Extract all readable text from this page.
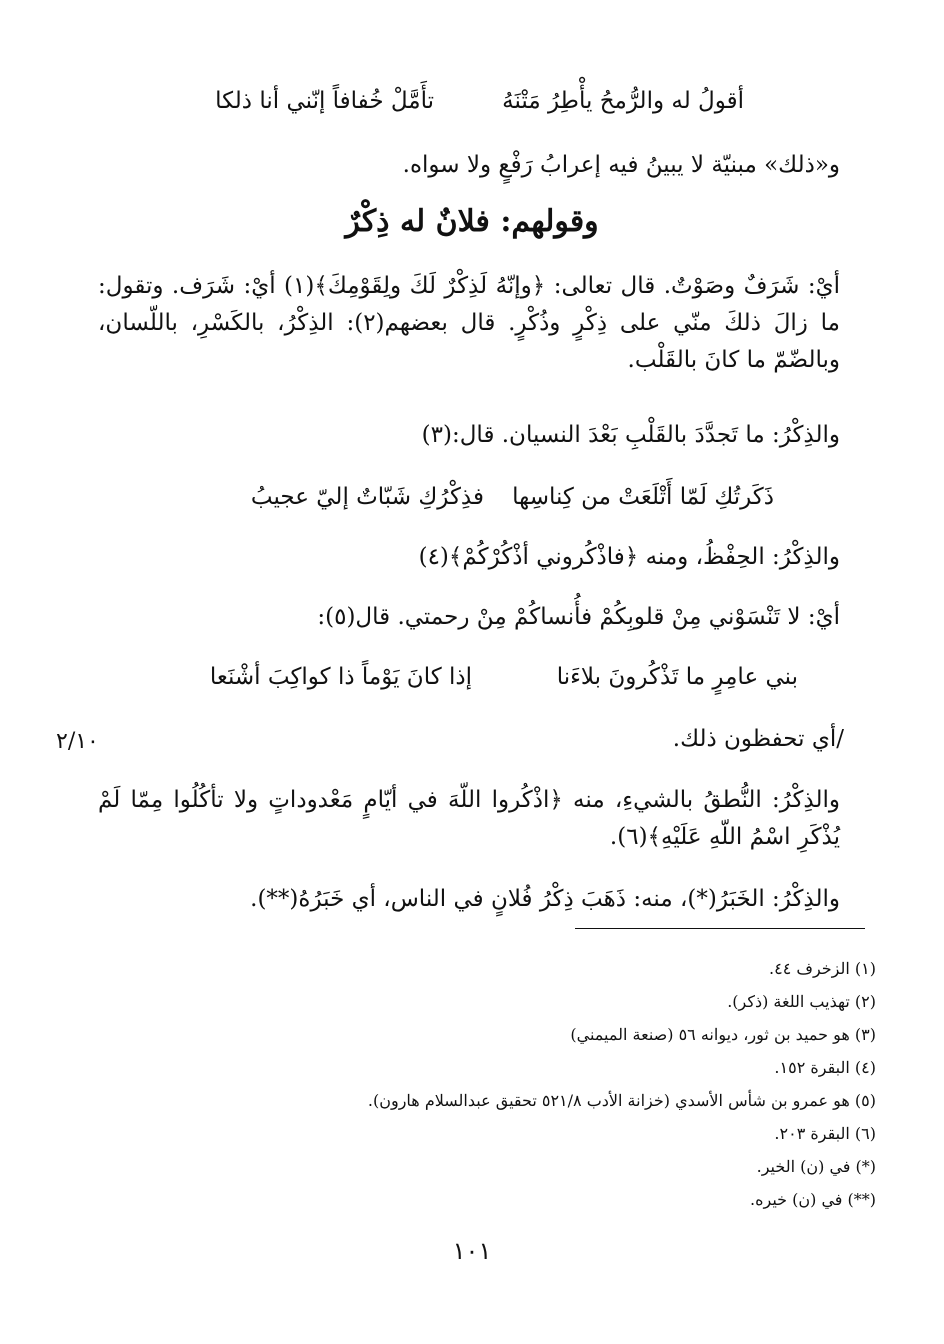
أقولُ له والرُّمحُ يأْطِرُ مَتْنَهُ
تأَمَّلْ خُفافاً إنّني أنا ذلكا
و«ذلك» مبنيّة لا يبينُ فيه إعرابُ رَفْعٍ ولا سواه.
وقولهم: فلانٌ له ذِكْرٌ
أيْ: شَرَفٌ وصَوْتٌ. قال تعالى: ﴿وإنّهُ لَذِكْرٌ لَكَ ولِقَوْمِكَ﴾(١) أيْ: شَرَف. وتقول: ما زالَ ذلكَ منّي على ذِكْرٍ وذُكْرٍ. قال بعضهم(٢): الذِكْرُ، بالكَسْرِ، باللّسان، وبالضّمّ ما كانَ بالقَلْب.
والذِكْرُ: ما تَجدَّدَ بالقَلْبِ بَعْدَ النسيان. قال:(٣)
ذَكَرتُكِ لَمّا أَتْلَعَتْ من كِناسِها
فذِكْرُكِ شَبّاتٌ إليّ عجيبُ
والذِكْرُ: الحِفْظُ، ومنه ﴿فاذْكُروني أذْكُرْكُمْ﴾(٤)
أيْ: لا تَنْسَوْني مِنْ قلوبِكُمْ فأُنساكُمْ مِنْ رحمتي. قال(٥):
بني عامِرٍ ما تَذْكُرونَ بلاءَنا
إذا كانَ يَوْماً ذا كواكِبَ أشْنَعا
/أي تحفظون ذلك.
٢/١٠
والذِكْرُ: النُّطقُ بالشيءِ، منه ﴿اذْكُروا اللّهَ في أيّامٍ مَعْدوداتٍ ولا تأكُلُوا مِمّا لَمْ يُذْكَرِ اسْمُ اللّهِ عَلَيْهِ﴾(٦).
والذِكْرُ: الخَبَرُ(*)، منه: ذَهَبَ ذِكْرُ فُلانٍ في الناس، أي خَبَرُهُ(**).
(١) الزخرف ٤٤.
(٢) تهذيب اللغة (ذكر).
(٣) هو حميد بن ثور، ديوانه ٥٦ (صنعة الميمني)
(٤) البقرة ١٥٢.
(٥) هو عمرو بن شأس الأسدي (خزانة الأدب ٥٢١/٨ تحقيق عبدالسلام هارون).
(٦) البقرة ٢٠٣.
(*) في (ن) الخير.
(**) في (ن) خيره.
١٠١
